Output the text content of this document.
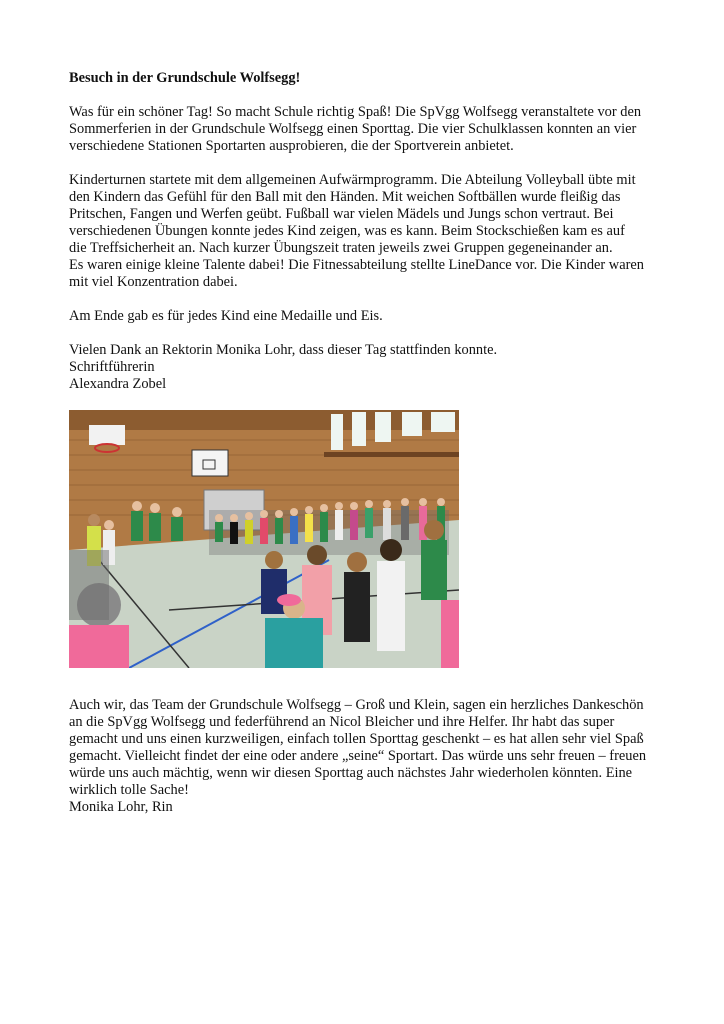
Besuch in der Grundschule Wolfsegg!

Was für ein schöner Tag! So macht Schule richtig Spaß! Die SpVgg Wolfsegg veranstaltete vor den
Sommerferien in der Grundschule Wolfsegg einen Sporttag. Die vier Schulklassen konnten an vier
verschiedene Stationen Sportarten ausprobieren, die der Sportverein anbietet.

Kinderturnen startete mit dem allgemeinen Aufwärmprogramm. Die Abteilung Volleyball übte mit
den Kindern das Gefühl für den Ball mit den Händen. Mit weichen Softbällen wurde fleißig das
Pritschen, Fangen und Werfen geübt. Fußball war vielen Mädels und Jungs schon vertraut. Bei
verschiedenen Übungen konnte jedes Kind zeigen, was es kann. Beim Stockschießen kam es auf
die Treffsicherheit an. Nach kurzer Übungszeit traten jeweils zwei Gruppen gegeneinander an.
Es waren einige kleine Talente dabei! Die Fitnessabteilung stellte LineDance vor. Die Kinder waren
mit viel Konzentration dabei.

Am Ende gab es für jedes Kind eine Medaille und Eis.

Vielen Dank an Rektorin Monika Lohr, dass dieser Tag stattfinden konnte.
Schriftführerin
Alexandra Zobel

Auch wir, das Team der Grundschule Wolfsegg – Groß und Klein, sagen ein herzliches Dankeschön
an die SpVgg Wolfsegg und federführend an Nicol Bleicher und ihre Helfer. Ihr habt das super
gemacht und uns einen kurzweiligen, einfach tollen Sporttag geschenkt – es hat allen sehr viel Spaß
gemacht. Vielleicht findet der eine oder andere „seine“ Sportart. Das würde uns sehr freuen – freuen
würde uns auch mächtig, wenn wir diesen Sporttag auch nächstes Jahr wiederholen könnten. Eine
wirklich tolle Sache!
Monika Lohr, Rin
